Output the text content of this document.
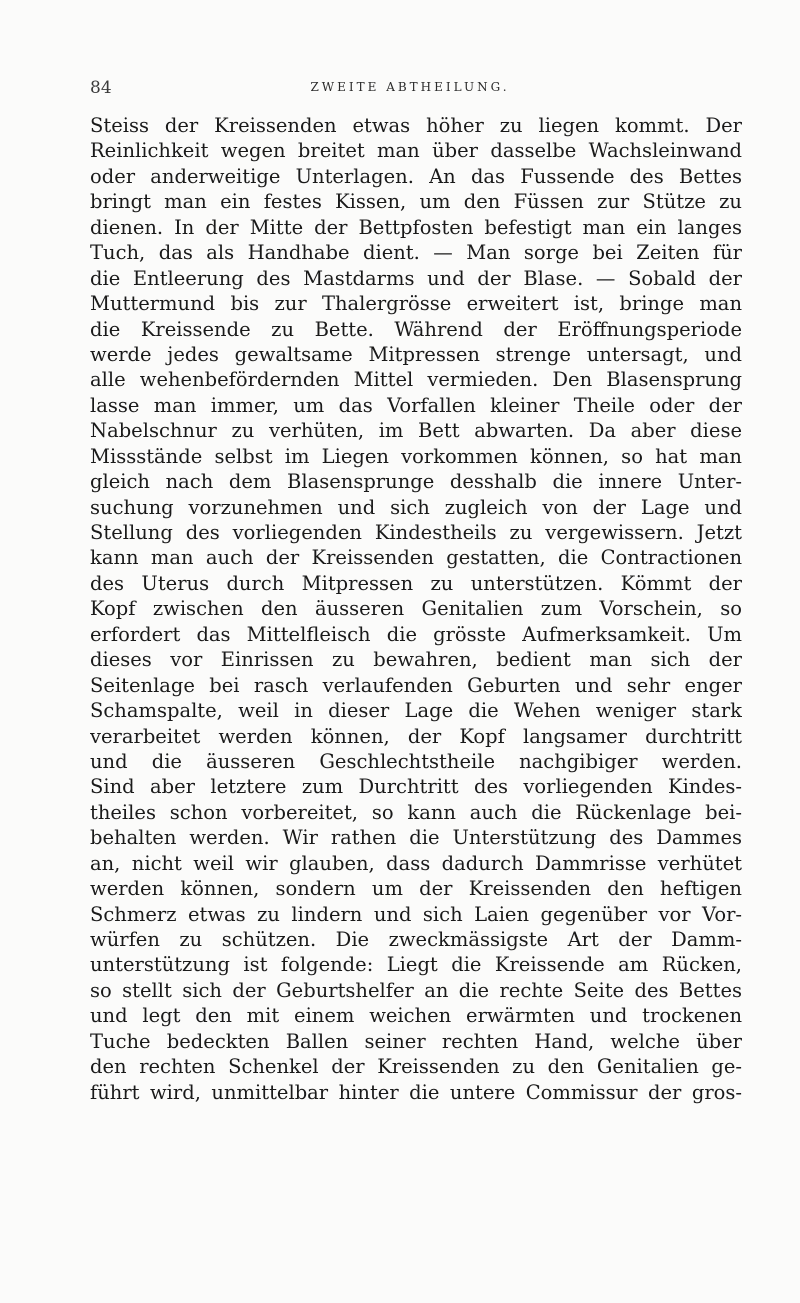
84	ZWEITE ABTHEILUNG.
Steiss der Kreissenden etwas höher zu liegen kommt. Der
Reinlichkeit wegen breitet man über dasselbe Wachsleinwand
oder anderweitige Unterlagen. An das Fussende des Bettes
bringt man ein festes Kissen, um den Füssen zur Stütze zu
dienen. In der Mitte der Bettpfosten befestigt man ein langes
Tuch, das als Handhabe dient. — Man sorge bei Zeiten für
die Entleerung des Mastdarms und der Blase. — Sobald der
Muttermund bis zur Thalergrösse erweitert ist, bringe man
die Kreissende zu Bette. Während der Eröffnungsperiode
werde jedes gewaltsame Mitpressen strenge untersagt, und
alle wehenbefördernden Mittel vermieden. Den Blasensprung
lasse man immer, um das Vorfallen kleiner Theile oder der
Nabelschnur zu verhüten, im Bett abwarten. Da aber diese
Missstände selbst im Liegen vorkommen können, so hat man
gleich nach dem Blasensprunge desshalb die innere Unter-
suchung vorzunehmen und sich zugleich von der Lage und
Stellung des vorliegenden Kindestheils zu vergewissern. Jetzt
kann man auch der Kreissenden gestatten, die Contractionen
des Uterus durch Mitpressen zu unterstützen. Kömmt der
Kopf zwischen den äusseren Genitalien zum Vorschein, so
erfordert das Mittelfleisch die grösste Aufmerksamkeit. Um
dieses vor Einrissen zu bewahren, bedient man sich der
Seitenlage bei rasch verlaufenden Geburten und sehr enger
Schamspalte, weil in dieser Lage die Wehen weniger stark
verarbeitet werden können, der Kopf langsamer durchtritt
und die äusseren Geschlechtstheile nachgibiger werden.
Sind aber letztere zum Durchtritt des vorliegenden Kindes-
theiles schon vorbereitet, so kann auch die Rückenlage bei-
behalten werden. Wir rathen die Unterstützung des Dammes
an, nicht weil wir glauben, dass dadurch Dammrisse verhütet
werden können, sondern um der Kreissenden den heftigen
Schmerz etwas zu lindern und sich Laien gegenüber vor Vor-
würfen zu schützen. Die zweckmässigste Art der Damm-
unterstützung ist folgende: Liegt die Kreissende am Rücken,
so stellt sich der Geburtshelfer an die rechte Seite des Bettes
und legt den mit einem weichen erwärmten und trockenen
Tuche bedeckten Ballen seiner rechten Hand, welche über
den rechten Schenkel der Kreissenden zu den Genitalien ge-
führt wird, unmittelbar hinter die untere Commissur der gros-
